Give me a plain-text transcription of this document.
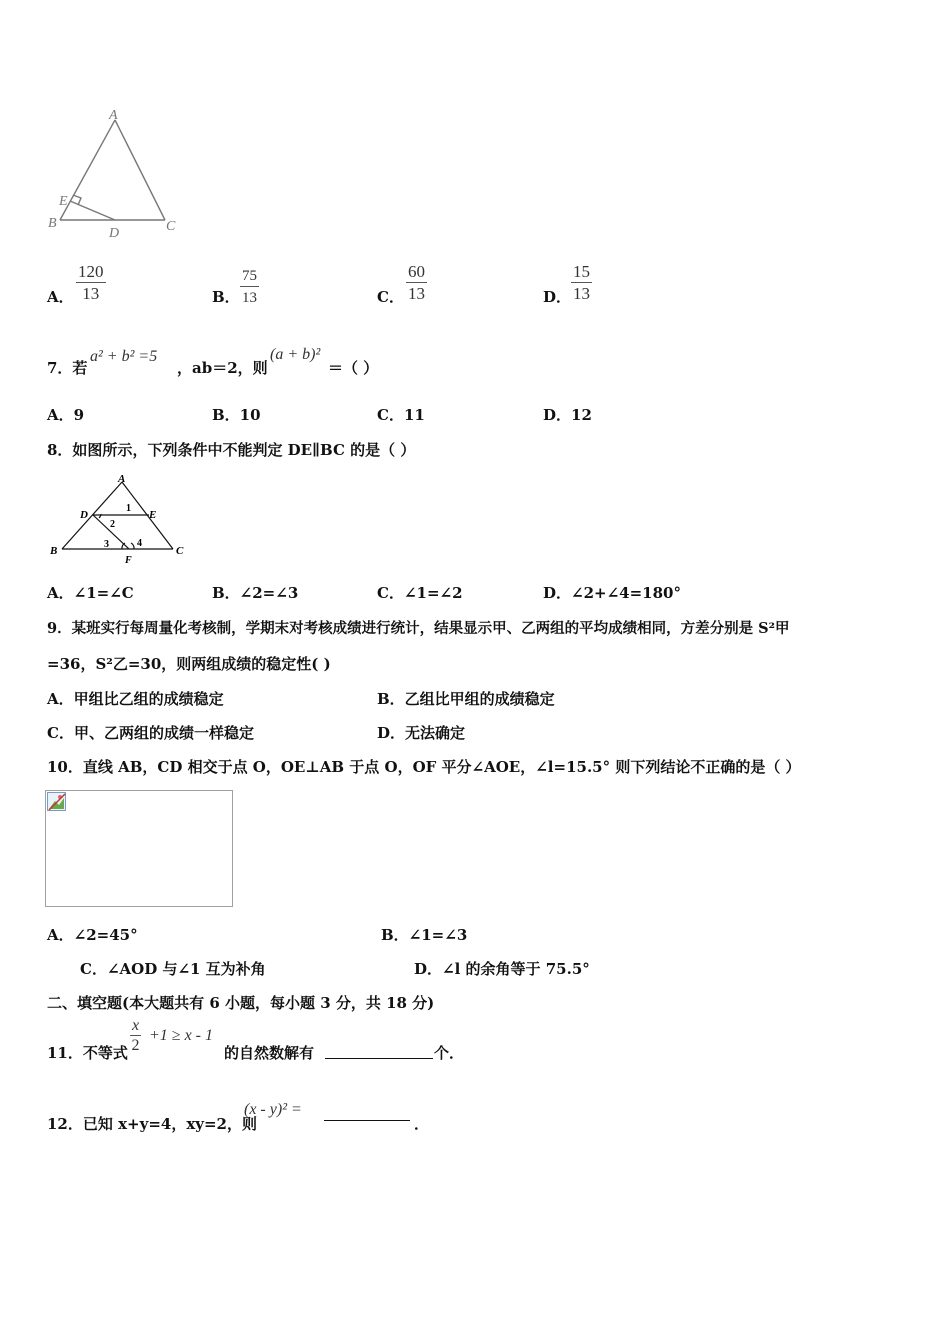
A
E
B
D	C
A． $\frac{120}{13}$	B． $\frac{75}{13}$	C． $\frac{60}{13}$	D． $\frac{15}{13}$
7．若
a² + b² =5
，ab＝2，则
(a + b)²
＝（ ）
A．9	B．10	C．11	D．12
8．如图所示，下列条件中不能判定 DE∥BC 的是（ ）
A
D	E
1
2
B
3	4
C
F
A．∠1=∠C	B．∠2=∠3	C．∠1=∠2	D．∠2+∠4=180°
9．某班实行每周量化考核制，学期末对考核成绩进行统计，结果显示甲、乙两组的平均成绩相同，方差分别是 S²甲
=36，S²乙=30，则两组成绩的稳定性( )
A．甲组比乙组的成绩稳定	B．乙组比甲组的成绩稳定
C．甲、乙两组的成绩一样稳定	D．无法确定
10．直线 AB，CD 相交于点 O，OE⊥AB 于点 O，OF 平分∠AOE，∠l=15.5° 则下列结论不正确的是（ ）
A．∠2=45°	B．∠1=∠3
C．∠AOD 与∠1 互为补角	D．∠l 的余角等于 75.5°
二、填空题(本大题共有 6 小题，每小题 3 分，共 18 分)
11．不等式 $\frac{x}{2} +1 \ge x - 1$
的自然数解有	个．
12．已知 x+y=4，xy=2，则
(x - y)² =
．
